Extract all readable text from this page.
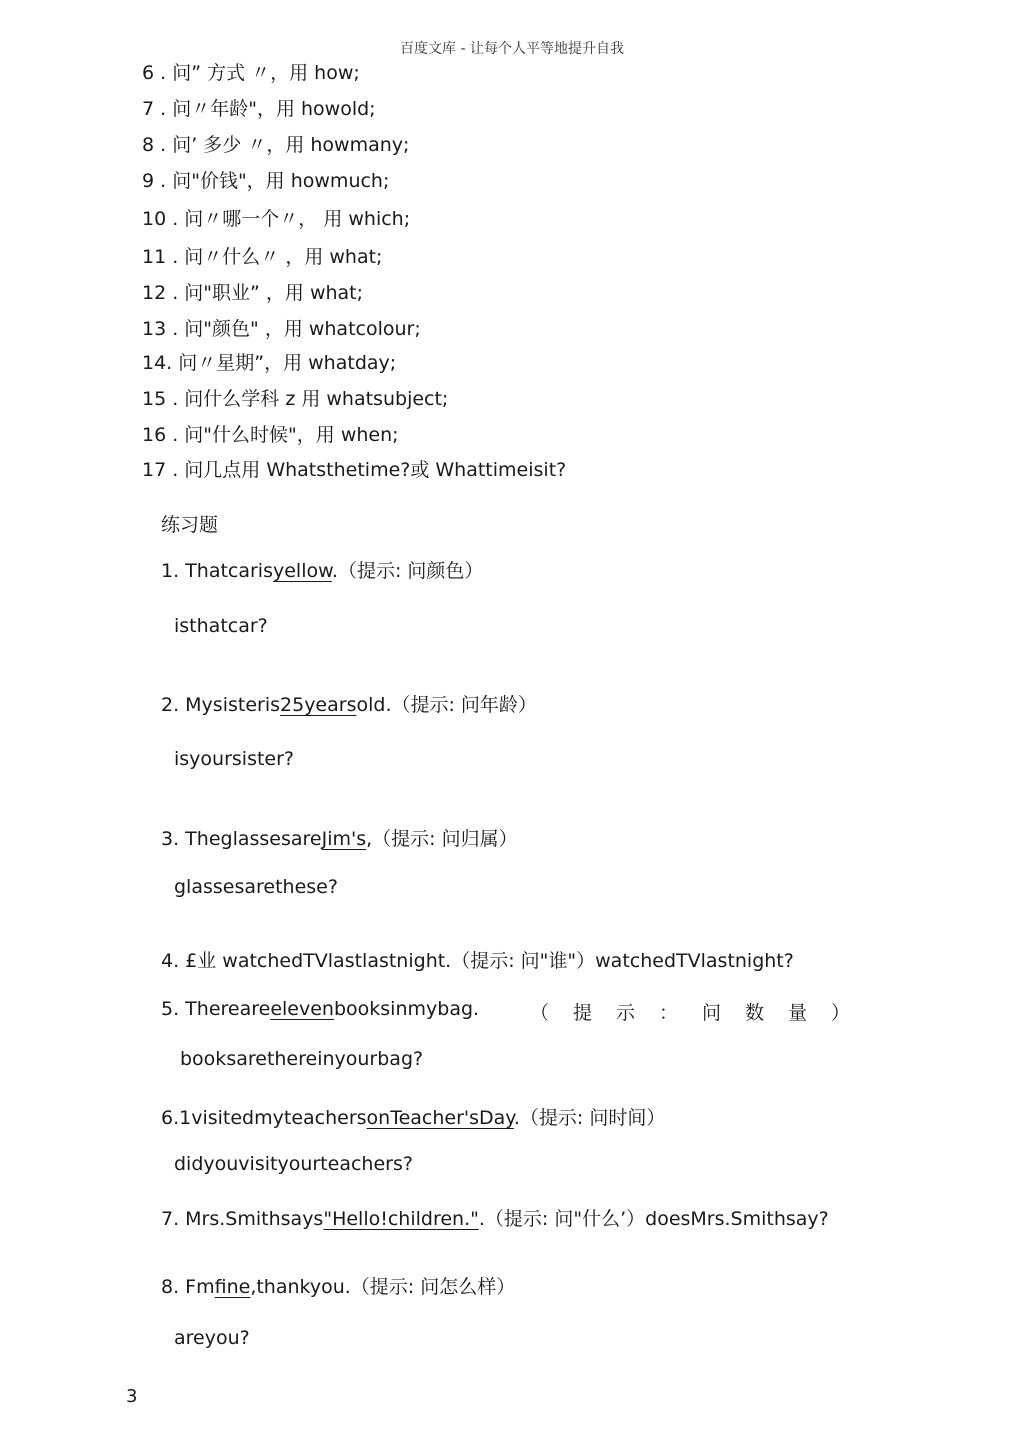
百度文库 - 让每个人平等地提升自我
6 . 问” 方式 〃，用 how;
7 . 问〃年龄"，用 howold;
8 . 问’ 多少 〃，用 howmany;
9 . 问"价钱"，用 howmuch;
10 . 问〃哪一个〃， 用 which;
11 . 问〃什么〃 ，用 what;
12 . 问"职业” ，用 what;
13 . 问"颜色" ，用 whatcolour;
14. 问〃星期”，用 whatday;
15 . 问什么学科 z 用 whatsubject;
16 . 问"什么时候"，用 when;
17 . 问几点用 Whatsthetime?或 Whattimeisit?
练习题
1. Thatcarisyellow.（提示: 问颜色）
isthatcar?
2. Mysisteris25yearsold.（提示: 问年龄）
isyoursister?
3. TheglassesareJim's,（提示: 问归属）
glassesarethese?
4. £业 watchedTVlastlastnight.（提示: 问"谁"）watchedTVlastnight?
5. Thereareelevenbooksinmybag.	（提示：问数量）
booksarethereinyourbag?
6.1visitedmyteachersonTeacher'sDay.（提示: 问时间）
didyouvisityourteachers?
7. Mrs.Smithsays"Hello!children.".（提示: 问"什么’）doesMrs.Smithsay?
8. Fmfine,thankyou.（提示: 问怎么样）
areyou?
3
